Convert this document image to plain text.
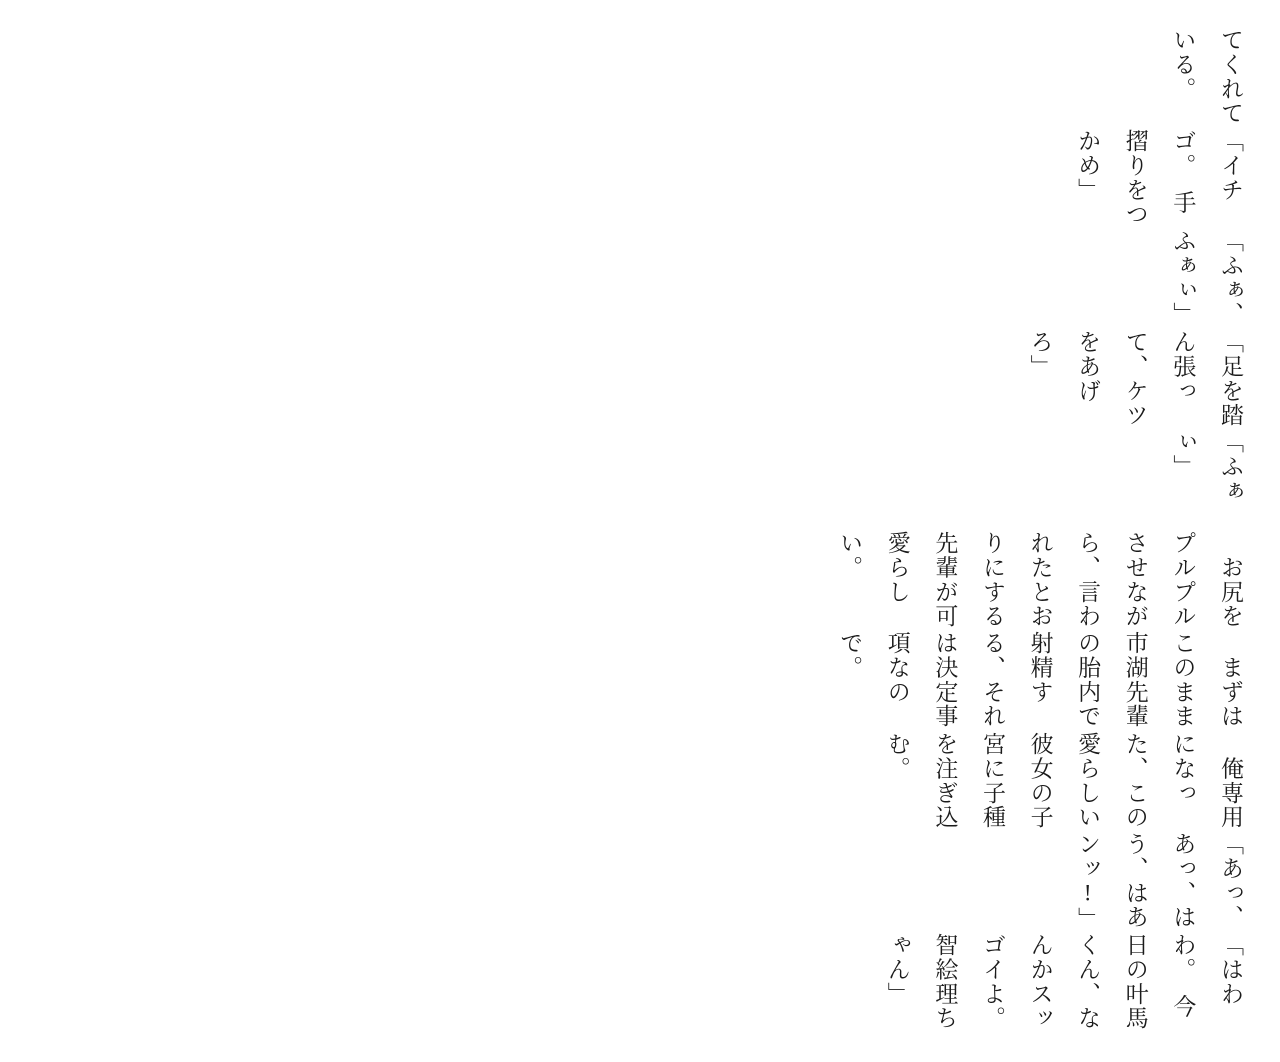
てくれている。

「イチゴ。　手摺りをつかめ」

「ふぁ、ふぁぃ」

「足を踏ん張って、ケツをあげろ」

「ふぁぃ」

　お尻をプルプルさせながら、言われたとおりにする先輩が可愛らしい。

　まずはこのまま市湖先輩の胎内で射精する、それは決定事項なので。

　俺専用になった、この愛らしい彼女の子宮に子種を注ぎ込む。

「あっ、あっ、はう、はあンッ!」

「はわわ。　今日の叶馬くん、なんかスッゴイよ。　智絵理ちゃん」
